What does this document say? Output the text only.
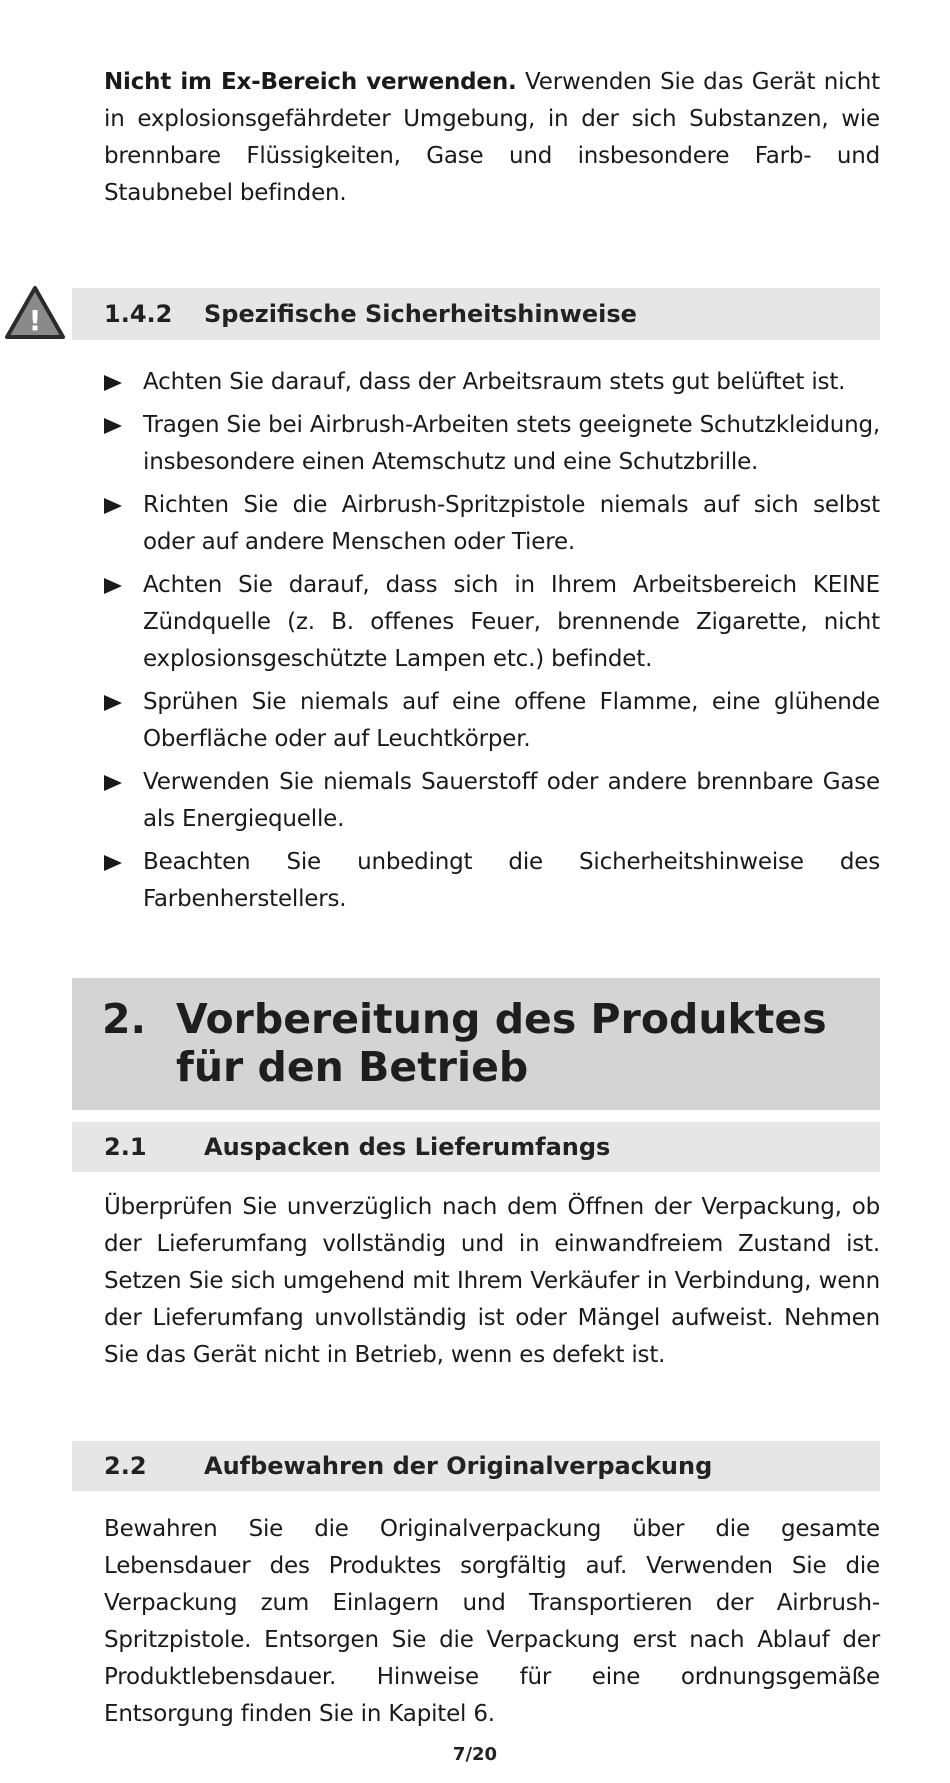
Nicht im Ex-Bereich verwenden. Verwenden Sie das Gerät nicht in explosionsgefährdeter Umgebung, in der sich Substanzen, wie brennbare Flüssigkeiten, Gase und insbesondere Farb- und Staubnebel befinden.

!	1.4.2 Spezifische Sicherheitshinweise
Achten Sie darauf, dass der Arbeitsraum stets gut belüftet ist.
Tragen Sie bei Airbrush-Arbeiten stets geeignete Schutzkleidung, insbesondere einen Atemschutz und eine Schutzbrille.
Richten Sie die Airbrush-Spritzpistole niemals auf sich selbst oder auf andere Menschen oder Tiere.
Achten Sie darauf, dass sich in Ihrem Arbeitsbereich KEINE Zündquelle (z. B. offenes Feuer, brennende Zigarette, nicht explosionsgeschützte Lampen etc.) befindet.
Sprühen Sie niemals auf eine offene Flamme, eine glühende Oberfläche oder auf Leuchtkörper.
Verwenden Sie niemals Sauerstoff oder andere brennbare Gase als Energiequelle.
Beachten Sie unbedingt die Sicherheitshinweise des Farbenherstellers.
2. Vorbereitung des Produktes für den Betrieb
2.1 Auspacken des Lieferumfangs

Überprüfen Sie unverzüglich nach dem Öffnen der Verpackung, ob der Lieferumfang vollständig und in einwandfreiem Zustand ist. Setzen Sie sich umgehend mit Ihrem Verkäufer in Verbindung, wenn der Lieferumfang unvollständig ist oder Mängel aufweist. Nehmen Sie das Gerät nicht in Betrieb, wenn es defekt ist.

2.2 Aufbewahren der Originalverpackung

Bewahren Sie die Originalverpackung über die gesamte Lebensdauer des Produktes sorgfältig auf. Verwenden Sie die Verpackung zum Einlagern und Transportieren der Airbrush-Spritzpistole. Entsorgen Sie die Verpackung erst nach Ablauf der Produktlebensdauer. Hinweise für eine ordnungsgemäße Entsorgung finden Sie in Kapitel 6.

7/20
